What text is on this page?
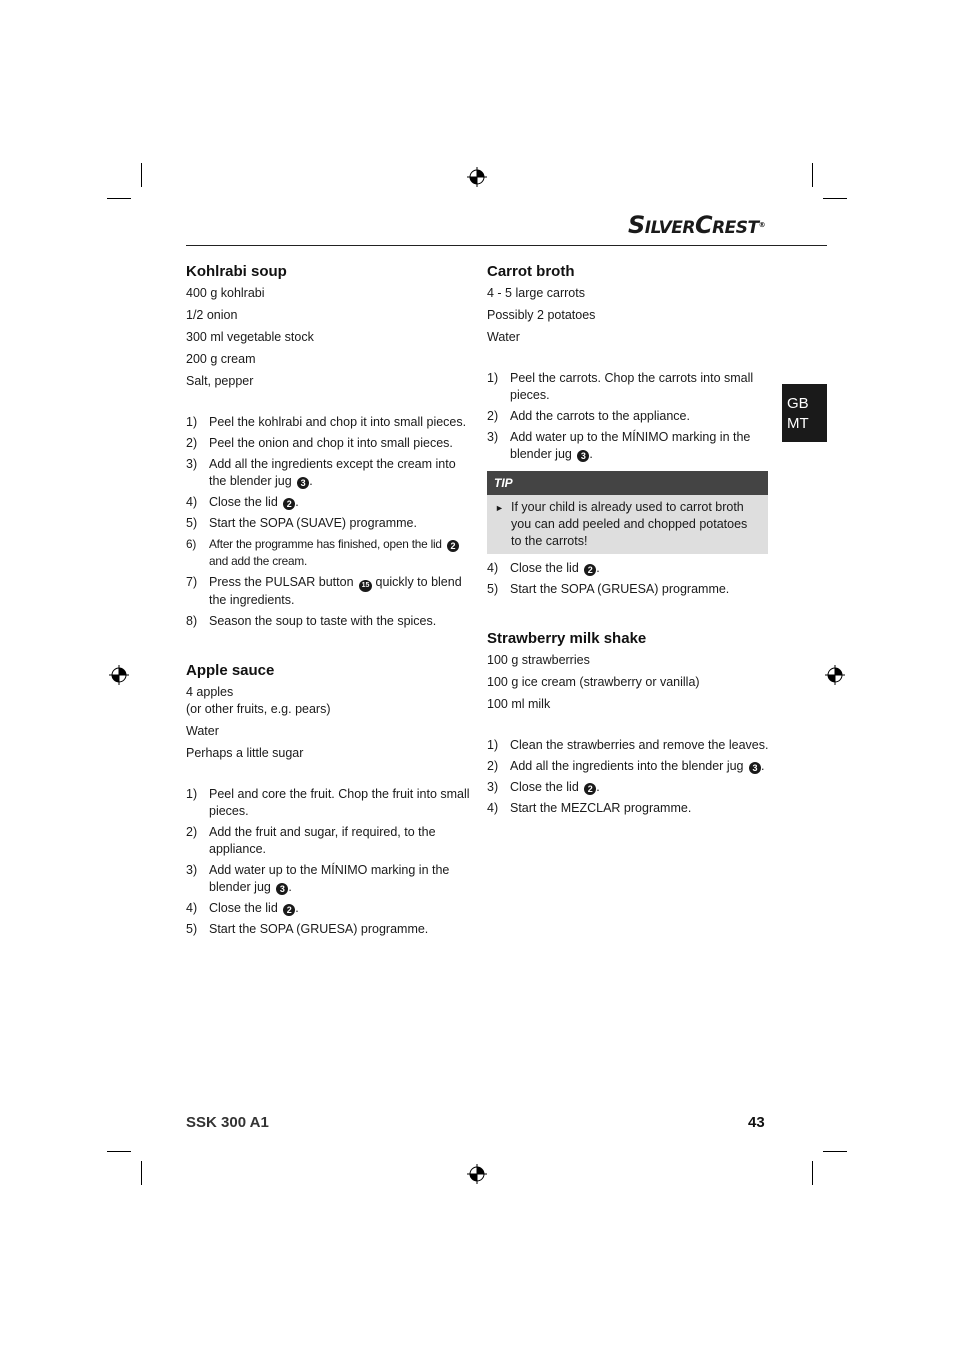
SilverCrest®
GB
MT
Kohlrabi soup
400 g kohlrabi
1/2 onion
300 ml vegetable stock
200 g cream
Salt, pepper
1) Peel the kohlrabi and chop it into small pieces.
2) Peel the onion and chop it into small pieces.
3) Add all the ingredients except the cream into the blender jug 3 .
4) Close the lid 2 .
5) Start the SOPA (SUAVE) programme.
6) After the programme has finished, open the lid 2 and add the cream.
7) Press the PULSAR button 15 quickly to blend the ingredients.
8) Season the soup to taste with the spices.
Apple sauce
4 apples
(or other fruits, e.g. pears)
Water
Perhaps a little sugar
1) Peel and core the fruit. Chop the fruit into small pieces.
2) Add the fruit and sugar, if required, to the appliance.
3) Add water up to the MÍNIMO marking in the blender jug 3 .
4) Close the lid 2 .
5) Start the SOPA (GRUESA) programme.
Carrot broth
4 - 5 large carrots
Possibly 2 potatoes
Water
1) Peel the carrots. Chop the carrots into small pieces.
2) Add the carrots to the appliance.
3) Add water up to the MÍNIMO marking in the blender jug 3 .
TIP
► If your child is already used to carrot broth you can add peeled and chopped potatoes to the carrots!
4) Close the lid 2 .
5) Start the SOPA (GRUESA) programme.
Strawberry milk shake
100 g strawberries
100 g ice cream (strawberry or vanilla)
100 ml milk
1) Clean the strawberries and remove the leaves.
2) Add all the ingredients into the blender jug 3 .
3) Close the lid 2 .
4) Start the MEZCLAR programme.
SSK 300 A1	43
